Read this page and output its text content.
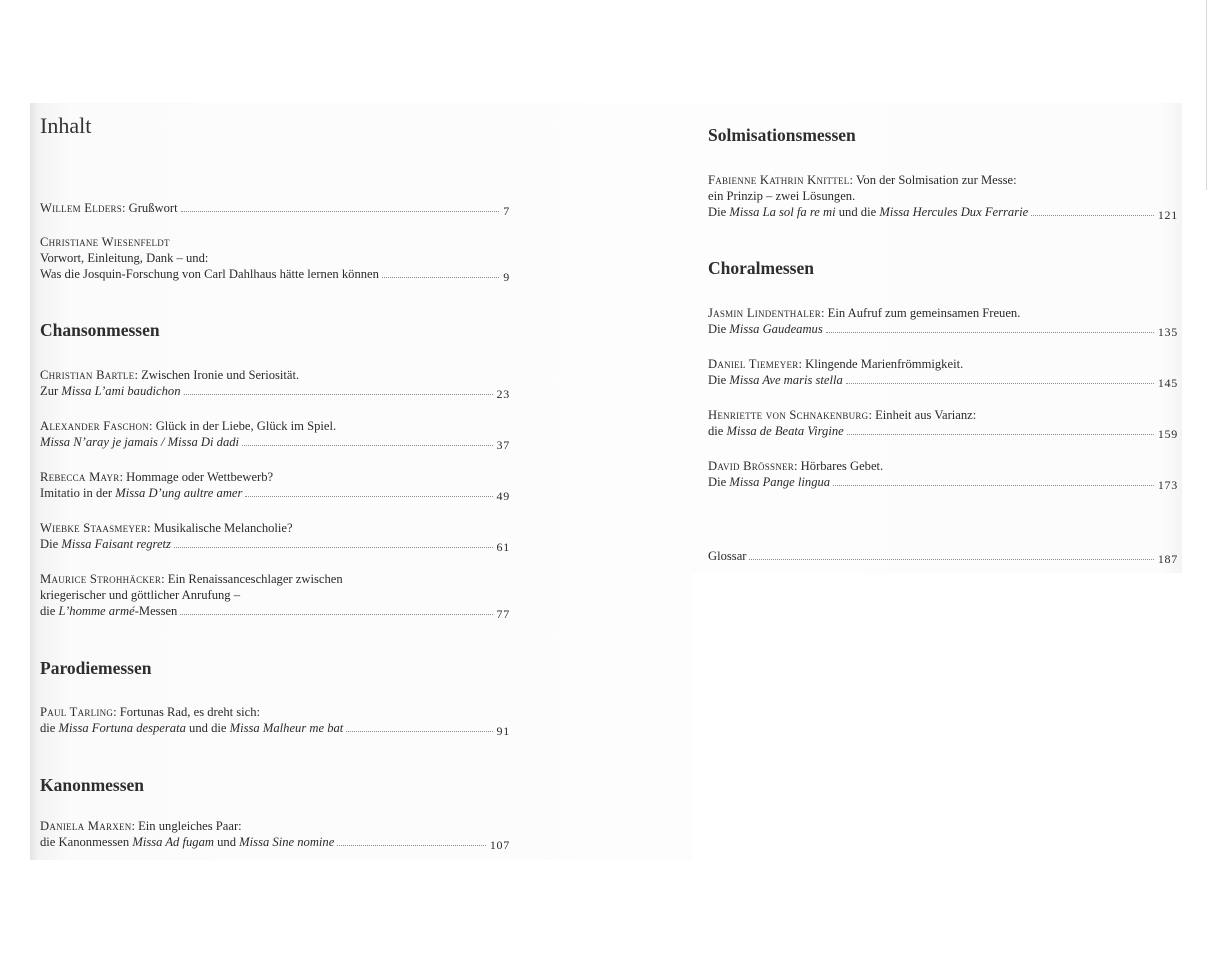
Inhalt
Willem Elders: Grußwort	7
Christiane Wiesenfeldt
Vorwort, Einleitung, Dank – und:
Was die Josquin-Forschung von Carl Dahlhaus hätte lernen können	9
Chansonmessen
Christian Bartle: Zwischen Ironie und Seriosität.
Zur Missa L’ami baudichon	23
Alexander Faschon: Glück in der Liebe, Glück im Spiel.
Missa N’aray je jamais / Missa Di dadi	37
Rebecca Mayr: Hommage oder Wettbewerb?
Imitatio in der Missa D’ung aultre amer	49
Wiebke Staasmeyer: Musikalische Melancholie?
Die Missa Faisant regretz	61
Maurice Strohhäcker: Ein Renaissanceschlager zwischen
kriegerischer und göttlicher Anrufung –
die L’homme armé-Messen	77
Parodiemessen
Paul Tarling: Fortunas Rad, es dreht sich:
die Missa Fortuna desperata und die Missa Malheur me bat	91
Kanonmessen
Daniela Marxen: Ein ungleiches Paar:
die Kanonmessen Missa Ad fugam und Missa Sine nomine	107
Solmisationsmessen
Fabienne Kathrin Knittel: Von der Solmisation zur Messe:
ein Prinzip – zwei Lösungen.
Die Missa La sol fa re mi und die Missa Hercules Dux Ferrarie	121
Choralmessen
Jasmin Lindenthaler: Ein Aufruf zum gemeinsamen Freuen.
Die Missa Gaudeamus	135
Daniel Tiemeyer: Klingende Marienfrömmigkeit.
Die Missa Ave maris stella	145
Henriette von Schnakenburg: Einheit aus Varianz:
die Missa de Beata Virgine	159
David Brössner: Hörbares Gebet.
Die Missa Pange lingua	173
Glossar	187
